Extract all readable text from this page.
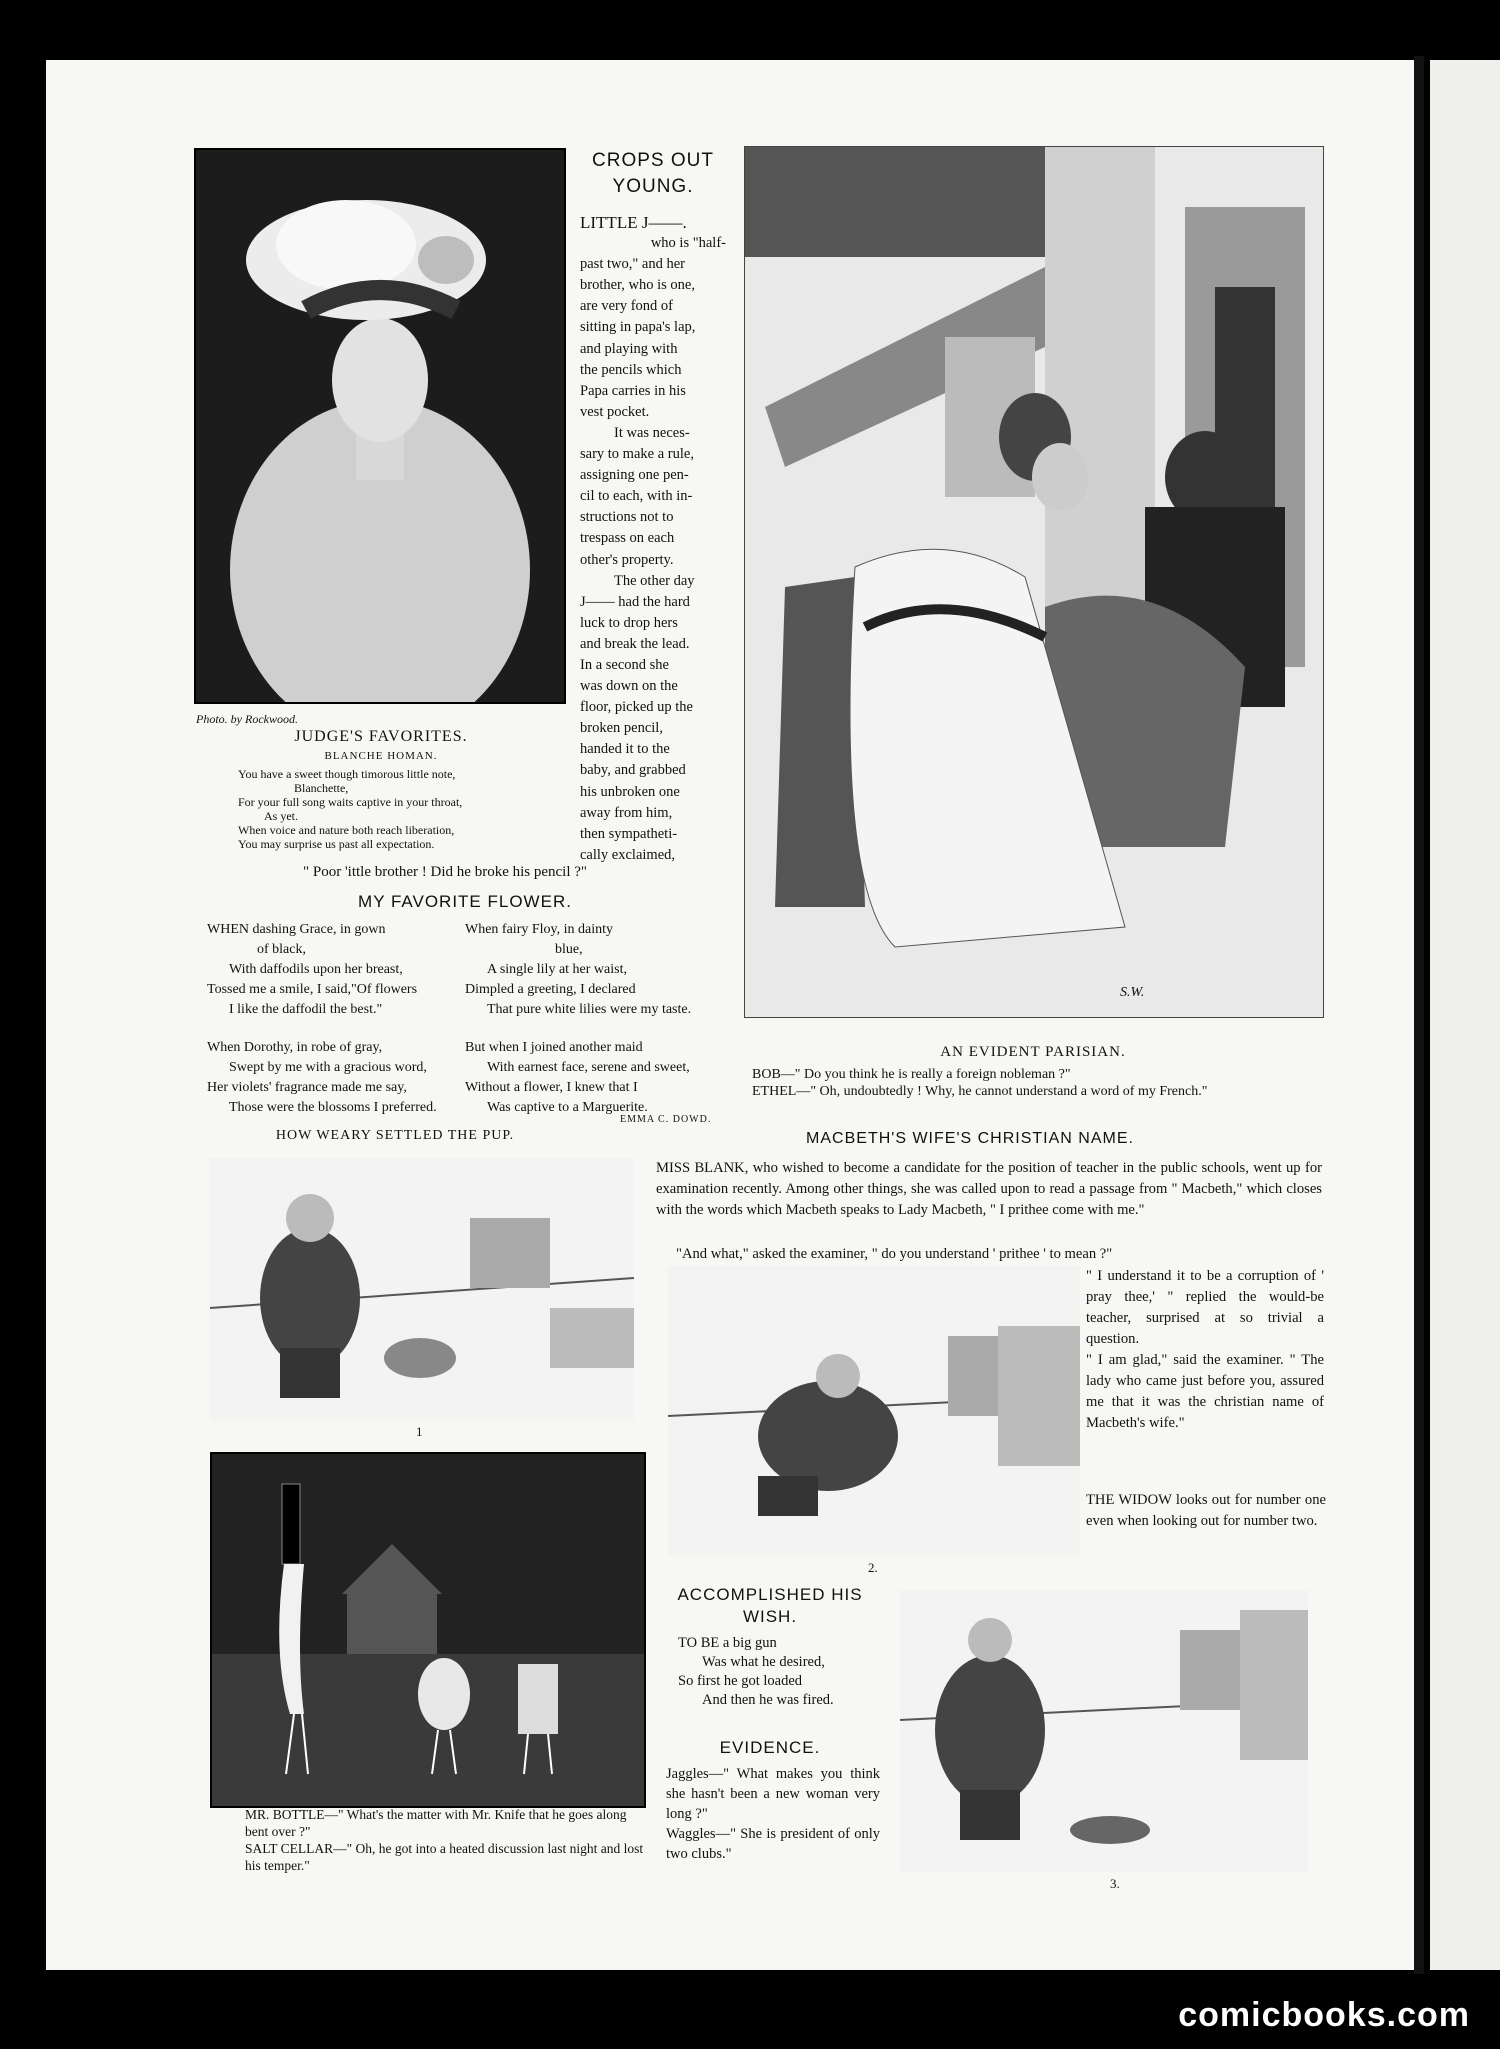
Photo. by Rockwood.
JUDGE'S FAVORITES.
BLANCHE HOMAN.
You have a sweet though timorous little note,
Blanchette,
For your full song waits captive in your throat,
As yet.
When voice and nature both reach liberation,
You may surprise us past all expectation.
CROPS OUT YOUNG.
LITTLE J——.
who is "half-
past two," and her
brother, who is one,
are very fond of
sitting in papa's lap,
and playing with
the pencils which
Papa carries in his
vest pocket.
It was neces-
sary to make a rule,
assigning one pen-
cil to each, with in-
structions not to
trespass on each
other's property.
The other day
J—— had the hard
luck to drop hers
and break the lead.
In a second she
was down on the
floor, picked up the
broken pencil,
handed it to the
baby, and grabbed
his unbroken one
away from him,
then sympatheti-
cally exclaimed,
" Poor 'ittle brother ! Did he broke his pencil ?"
S.W.
AN EVIDENT PARISIAN.
BOB—" Do you think he is really a foreign nobleman ?"
ETHEL—" Oh, undoubtedly ! Why, he cannot understand a word of my French."
MY FAVORITE FLOWER.
WHEN dashing Grace, in gown
of black,
With daffodils upon her breast,
Tossed me a smile, I said,"Of flowers
I like the daffodil the best."
When Dorothy, in robe of gray,
Swept by me with a gracious word,
Her violets' fragrance made me say,
Those were the blossoms I preferred.
When fairy Floy, in dainty
blue,
A single lily at her waist,
Dimpled a greeting, I declared
That pure white lilies were my taste.
But when I joined another maid
With earnest face, serene and sweet,
Without a flower, I knew that I
Was captive to a Marguerite.
EMMA C. DOWD.
HOW WEARY SETTLED THE PUP.
1
MACBETH'S WIFE'S CHRISTIAN NAME.
MISS BLANK, who wished to become a candidate for the position of teacher in the public schools, went up for examination recently. Among other things, she was called upon to read a passage from " Macbeth," which closes with the words which Macbeth speaks to Lady Macbeth, " I prithee come with me."
"And what," asked the examiner, " do you understand ' prithee ' to mean ?"
" I understand it to be a corruption of ' pray thee,' " replied the would-be teacher, surprised at so trivial a question.
" I am glad," said the examiner. " The lady who came just before you, assured me that it was the christian name of Macbeth's wife."
2.
THE WIDOW looks out for number one even when looking out for number two.
MR. BOTTLE—" What's the matter with Mr. Knife that he goes along bent over ?"
SALT CELLAR—" Oh, he got into a heated discussion last night and lost his temper."
ACCOMPLISHED HIS WISH.
TO BE a big gun
Was what he desired,
So first he got loaded
And then he was fired.
EVIDENCE.
Jaggles—" What makes you think she hasn't been a new woman very long ?"
Waggles—" She is president of only two clubs."
3.
comicbooks.com
